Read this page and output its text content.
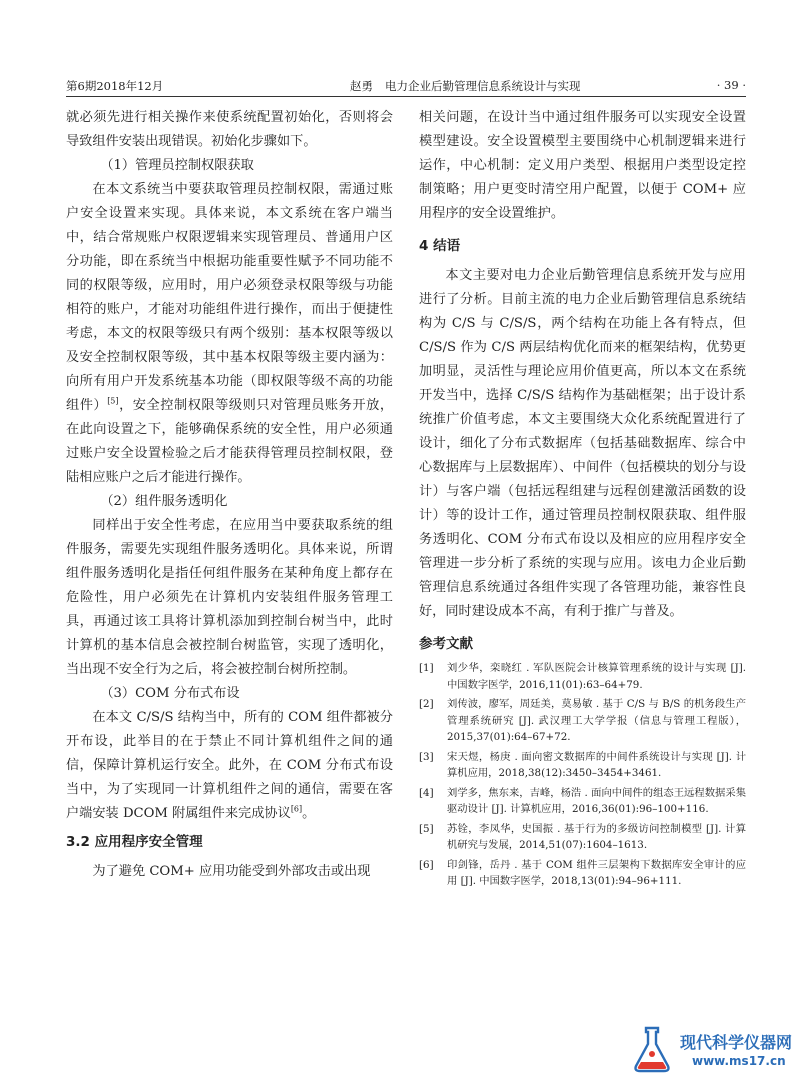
第6期2018年12月	赵勇 电力企业后勤管理信息系统设计与实现	· 39 ·

就必须先进行相关操作来使系统配置初始化，否则将会导致组件安装出现错误。初始化步骤如下。

（1）管理员控制权限获取

在本文系统当中要获取管理员控制权限，需通过账户安全设置来实现。具体来说，本文系统在客户端当中，结合常规账户权限逻辑来实现管理员、普通用户区分功能，即在系统当中根据功能重要性赋予不同功能不同的权限等级，应用时，用户必须登录权限等级与功能相符的账户，才能对功能组件进行操作，而出于便捷性考虑，本文的权限等级只有两个级别：基本权限等级以及安全控制权限等级，其中基本权限等级主要内涵为：向所有用户开发系统基本功能（即权限等级不高的功能组件）[5]，安全控制权限等级则只对管理员账务开放，在此向设置之下，能够确保系统的安全性，用户必须通过账户安全设置检验之后才能获得管理员控制权限，登陆相应账户之后才能进行操作。

（2）组件服务透明化

同样出于安全性考虑，在应用当中要获取系统的组件服务，需要先实现组件服务透明化。具体来说，所谓组件服务透明化是指任何组件服务在某种角度上都存在危险性，用户必须先在计算机内安装组件服务管理工具，再通过该工具将计算机添加到控制台树当中，此时计算机的基本信息会被控制台树监管，实现了透明化，当出现不安全行为之后，将会被控制台树所控制。

（3）COM 分布式布设

在本文 C/S/S 结构当中，所有的 COM 组件都被分开布设，此举目的在于禁止不同计算机组件之间的通信，保障计算机运行安全。此外，在 COM 分布式布设当中，为了实现同一计算机组件之间的通信，需要在客户端安装 DCOM 附属组件来完成协议[6]。

3.2 应用程序安全管理

为了避免 COM+ 应用功能受到外部攻击或出现

相关问题，在设计当中通过组件服务可以实现安全设置模型建设。安全设置模型主要围绕中心机制逻辑来进行运作，中心机制：定义用户类型、根据用户类型设定控制策略；用户更变时清空用户配置，以便于 COM+ 应用程序的安全设置维护。

4 结语

本文主要对电力企业后勤管理信息系统开发与应用进行了分析。目前主流的电力企业后勤管理信息系统结构为 C/S 与 C/S/S，两个结构在功能上各有特点，但 C/S/S 作为 C/S 两层结构优化而来的框架结构，优势更加明显，灵活性与理论应用价值更高，所以本文在系统开发当中，选择 C/S/S 结构作为基础框架；出于设计系统推广价值考虑，本文主要围绕大众化系统配置进行了设计，细化了分布式数据库（包括基础数据库、综合中心数据库与上层数据库）、中间件（包括模块的划分与设计）与客户端（包括远程组建与远程创建激活函数的设计）等的设计工作，通过管理员控制权限获取、组件服务透明化、COM 分布式布设以及相应的应用程序安全管理进一步分析了系统的实现与应用。该电力企业后勤管理信息系统通过各组件实现了各管理功能，兼容性良好，同时建设成本不高，有利于推广与普及。

参考文献
[1] 刘少华，栾晓红 . 军队医院会计核算管理系统的设计与实现 [J]. 中国数字医学，2016,11(01):63–64+79.
[2] 刘传波，廖军，周廷美，莫易敏 . 基于 C/S 与 B/S 的机务段生产管理系统研究 [J]. 武汉理工大学学报（信息与管理工程版），2015,37(01):64–67+72.
[3] 宋天煜，杨庚 . 面向密文数据库的中间件系统设计与实现 [J]. 计算机应用，2018,38(12):3450–3454+3461.
[4] 刘学多，焦东来，吉峰，杨浩 . 面向中间件的组态王远程数据采集驱动设计 [J]. 计算机应用，2016,36(01):96–100+116.
[5] 苏铨，李凤华，史国振 . 基于行为的多级访问控制模型 [J]. 计算机研究与发展，2014,51(07):1604–1613.
[6] 印剑锋，岳丹 . 基于 COM 组件三层架构下数据库安全审计的应用 [J]. 中国数字医学，2018,13(01):94–96+111.
现代科学仪器网
www.ms17.cn
